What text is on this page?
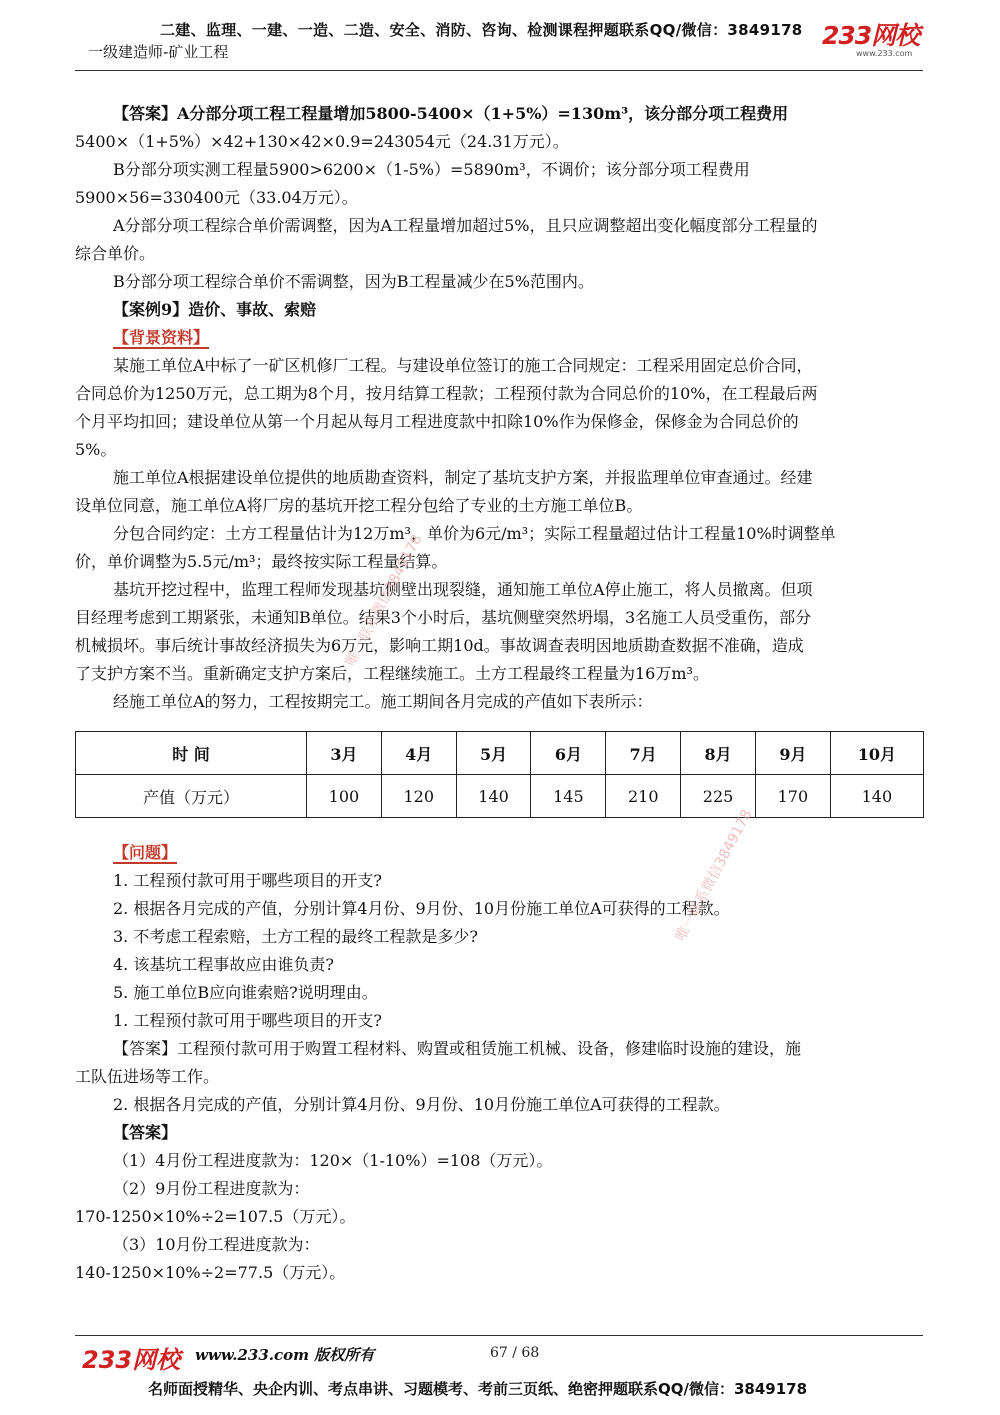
二建、监理、一建、一造、二造、安全、消防、咨询、检测课程押题联系QQ/微信：3849178
一级建造师-矿业工程
233网校
www.233.com
【答案】A分部分项工程工程量增加5800-5400×（1+5%）=130m³，该分部分项工程费用
5400×（1+5%）×42+130×42×0.9=243054元（24.31万元）。
B分部分项实测工程量5900>6200×（1-5%）=5890m³，不调价；该分部分项工程费用
5900×56=330400元（33.04万元）。
A分部分项工程综合单价需调整，因为A工程量增加超过5%，且只应调整超出变化幅度部分工程量的
综合单价。
B分部分项工程综合单价不需调整，因为B工程量减少在5%范围内。
【案例9】造价、事故、索赔
【背景资料】
某施工单位A中标了一矿区机修厂工程。与建设单位签订的施工合同规定：工程采用固定总价合同，
合同总价为1250万元，总工期为8个月，按月结算工程款；工程预付款为合同总价的10%，在工程最后两
个月平均扣回；建设单位从第一个月起从每月工程进度款中扣除10%作为保修金，保修金为合同总价的
5%。
施工单位A根据建设单位提供的地质勘查资料，制定了基坑支护方案，并报监理单位审查通过。经建
设单位同意，施工单位A将厂房的基坑开挖工程分包给了专业的土方施工单位B。
分包合同约定：土方工程量估计为12万m³，单价为6元/m³；实际工程量超过估计工程量10%时调整单
价，单价调整为5.5元/m³；最终按实际工程量结算。
基坑开挖过程中，监理工程师发现基坑侧壁出现裂缝，通知施工单位A停止施工，将人员撤离。但项
目经理考虑到工期紧张，未通知B单位。结果3个小时后，基坑侧壁突然坍塌，3名施工人员受重伤，部分
机械损坏。事后统计事故经济损失为6万元，影响工期10d。事故调查表明因地质勘查数据不准确，造成
了支护方案不当。重新确定支护方案后，工程继续施工。土方工程最终工程量为16万m³。
经施工单位A的努力，工程按期完工。施工期间各月完成的产值如下表所示：
时 间	3月	4月	5月	6月	7月	8月	9月	10月
产值（万元）	100	120	140	145	210	225	170	140
【问题】
1. 工程预付款可用于哪些项目的开支?
2. 根据各月完成的产值，分别计算4月份、9月份、10月份施工单位A可获得的工程款。
3. 不考虑工程索赔，土方工程的最终工程款是多少?
4. 该基坑工程事故应由谁负责?
5. 施工单位B应向谁索赔?说明理由。
1. 工程预付款可用于哪些项目的开支?
【答案】工程预付款可用于购置工程材料、购置或租赁施工机械、设备，修建临时设施的建设，施
工队伍进场等工作。
2. 根据各月完成的产值，分别计算4月份、9月份、10月份施工单位A可获得的工程款。
【答案】
（1）4月份工程进度款为：120×（1-10%）=108（万元）。
（2）9月份工程进度款为：
170-1250×10%÷2=107.5（万元）。
（3）10月份工程进度款为：
140-1250×10%÷2=77.5（万元）。
唯一联系微信3849178
唯一联系微信3849178
233网校 www.233.com 版权所有	67 / 68
名师面授精华、央企内训、考点串讲、习题模考、考前三页纸、绝密押题联系QQ/微信：3849178
